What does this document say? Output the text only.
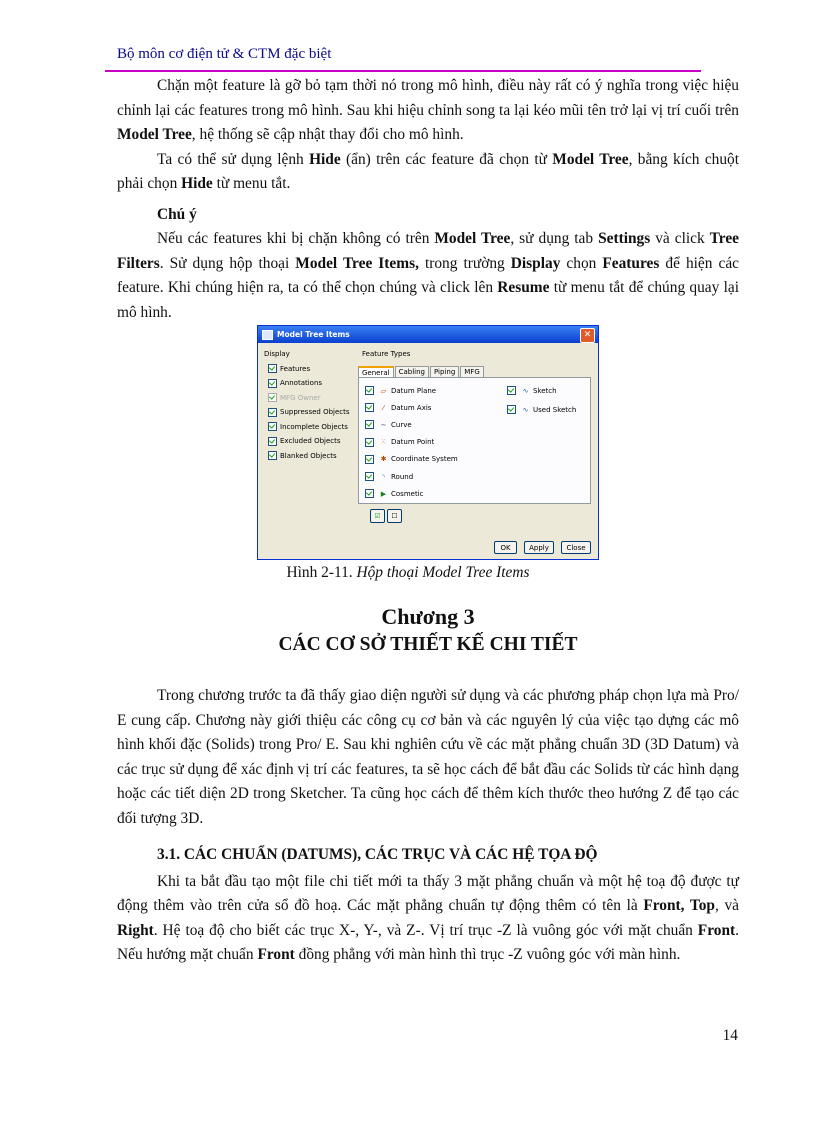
Bộ môn cơ điện tử & CTM đặc biệt

Chặn một feature là gỡ bỏ tạm thời nó trong mô hình, điều này rất có ý nghĩa trong việc hiệu chỉnh lại các features trong mô hình. Sau khi hiệu chỉnh song ta lại kéo mũi tên trở lại vị trí cuối trên Model Tree, hệ thống sẽ cập nhật thay đổi cho mô hình.

Ta có thể sử dụng lệnh Hide (ẩn) trên các feature đã chọn từ Model Tree, bằng kích chuột phải chọn Hide từ menu tắt.

Chú ý

Nếu các features khi bị chặn không có trên Model Tree, sử dụng tab Settings và click Tree Filters. Sử dụng hộp thoại Model Tree Items, trong trường Display chọn Features để hiện các feature. Khi chúng hiện ra, ta có thể chọn chúng và click lên Resume từ menu tắt để chúng quay lại mô hình.

Model Tree Items	✕
Display
Features
Annotations
MFG Owner
Suppressed Objects
Incomplete Objects
Excluded Objects
Blanked Objects
Feature Types
General	Cabling	Piping	MFG
▱ Datum Plane
⁄ Datum Axis
∼ Curve
⁙ Datum Point
✱ Coordinate System
◝ Round
▶ Cosmetic
∿ Sketch
∿ Used Sketch
☑	☐
OK	Apply	Close
Hình 2-11. Hộp thoại Model Tree Items
Chương 3
CÁC CƠ SỞ THIẾT KẾ CHI TIẾT

Trong chương trước ta đã thấy giao diện người sử dụng và các phương pháp chọn lựa mà Pro/ E cung cấp. Chương này giới thiệu các công cụ cơ bản và các nguyên lý của việc tạo dựng các mô hình khối đặc (Solids) trong Pro/ E. Sau khi nghiên cứu về các mặt phẳng chuẩn 3D (3D Datum) và các trục sử dụng để xác định vị trí các features, ta sẽ học cách để bắt đầu các Solids từ các hình dạng hoặc các tiết diện 2D trong Sketcher. Ta cũng học cách để thêm kích thước theo hướng Z để tạo các đối tượng 3D.

3.1. CÁC CHUẨN (DATUMS), CÁC TRỤC VÀ CÁC HỆ TỌA ĐỘ

Khi ta bắt đầu tạo một file chi tiết mới ta thấy 3 mặt phẳng chuẩn và một hệ toạ độ được tự động thêm vào trên cửa sổ đồ hoạ. Các mặt phẳng chuẩn tự động thêm có tên là Front, Top, và Right. Hệ toạ độ cho biết các trục X-, Y-, và Z-. Vị trí trục -Z là vuông góc với mặt chuẩn Front. Nếu hướng mặt chuẩn Front đồng phẳng với màn hình thì trục -Z vuông góc với màn hình.

14
